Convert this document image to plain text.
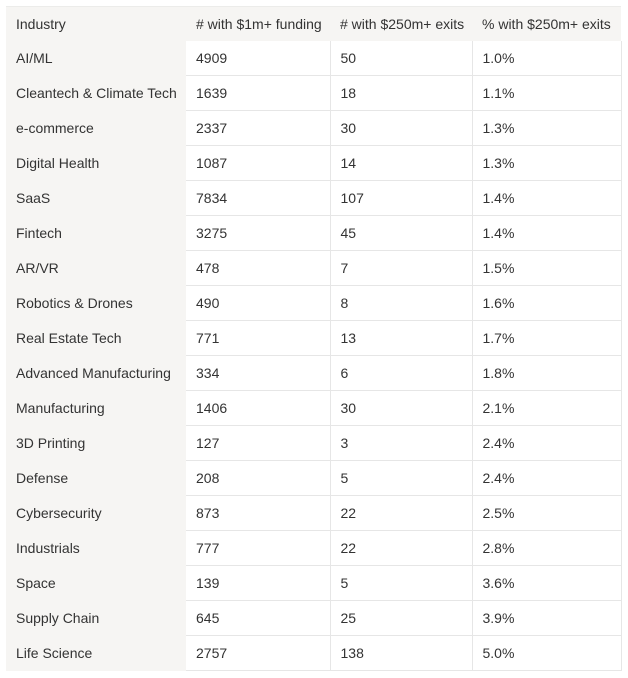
Industry	# with $1m+ funding	# with $250m+ exits	% with $250m+ exits
AI/ML	4909	50	1.0%
Cleantech & Climate Tech	1639	18	1.1%
e-commerce	2337	30	1.3%
Digital Health	1087	14	1.3%
SaaS	7834	107	1.4%
Fintech	3275	45	1.4%
AR/VR	478	7	1.5%
Robotics & Drones	490	8	1.6%
Real Estate Tech	771	13	1.7%
Advanced Manufacturing	334	6	1.8%
Manufacturing	1406	30	2.1%
3D Printing	127	3	2.4%
Defense	208	5	2.4%
Cybersecurity	873	22	2.5%
Industrials	777	22	2.8%
Space	139	5	3.6%
Supply Chain	645	25	3.9%
Life Science	2757	138	5.0%
